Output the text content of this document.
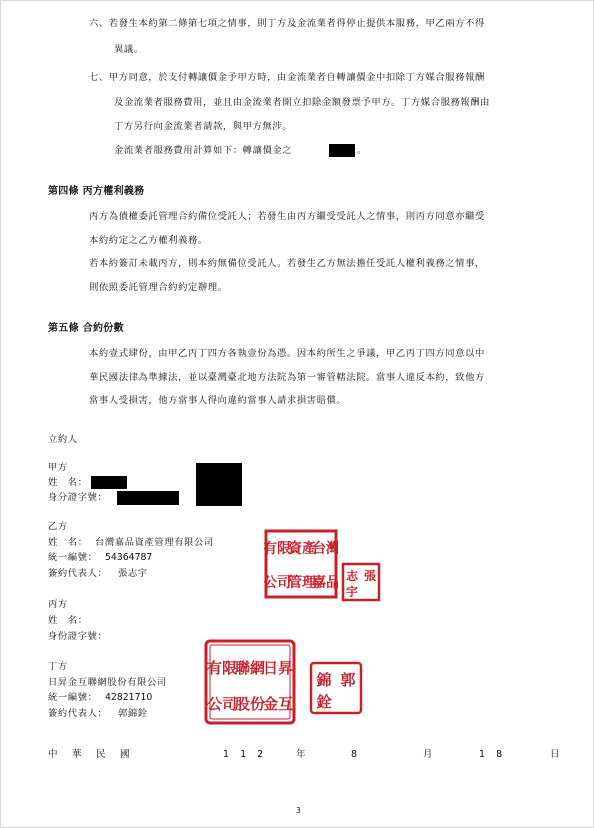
六、若發生本約第二條第七項之情事，則丁方及金流業者得停止提供本服務，甲乙兩方不得
異議。
七、甲方同意，於支付轉讓價金予甲方時，由金流業者自轉讓價金中扣除丁方媒合服務報酬
及金流業者服務費用，並且由金流業者開立扣除金額發票予甲方。丁方媒合服務報酬由
丁方另行向金流業者請款，與甲方無涉。
金流業者服務費用計算如下：轉讓價金之	。
第四條 丙方權利義務
丙方為債權委託管理合約備位受託人；若發生由丙方繼受受託人之情事，則丙方同意亦繼受
本約約定之乙方權利義務。
若本約簽訂未載丙方，則本約無備位受託人。若發生乙方無法擔任受託人權利義務之情事，
則依照委託管理合約約定辦理。
第五條 合約份數
本約壹式肆份，由甲乙丙丁四方各執壹份為憑。因本約所生之爭議，甲乙丙丁四方同意以中
華民國法律為準據法，並以臺灣臺北地方法院為第一審管轄法院。當事人違反本約，致他方
當事人受損害，他方當事人得向違約當事人請求損害賠償。
立約人
甲方
姓　名：
身分證字號：
乙方
姓　名： 台灣嘉品資產管理有限公司
統一編號： 54364787
簽約代表人： 張志宇
台灣
嘉品
資產
管理
有限
公司	張
志
宇
丙方
姓　名：
身份證字號：
丁方
日昇金互聯網股份有限公司
統一編號： 42821710
簽約代表人： 郭錦銓
日昇
金互
聯網
股份
有限
公司
郭
錦
銓
中 華 民 國	1 1 2	年	8	月	1 8	日
3
